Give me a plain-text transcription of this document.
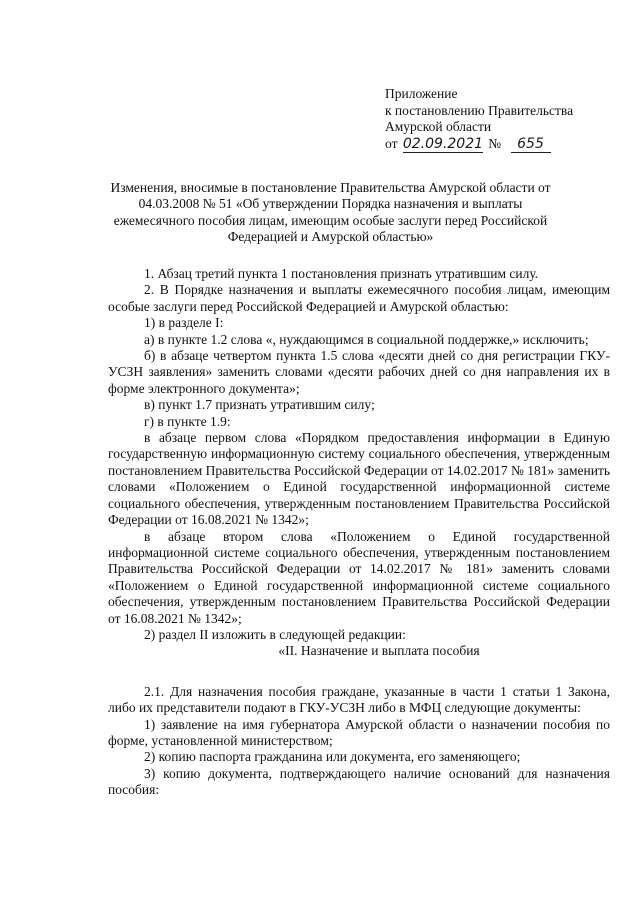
Приложение
к постановлению Правительства
Амурской области
от 02.09.2021 № 655
Изменения, вносимые в постановление Правительства Амурской области от 04.03.2008 № 51 «Об утверждении Порядка назначения и выплаты ежемесячного пособия лицам, имеющим особые заслуги перед Российской Федерацией и Амурской областью»

1. Абзац третий пункта 1 постановления признать утратившим силу.

2. В Порядке назначения и выплаты ежемесячного пособия лицам, имеющим особые заслуги перед Российской Федерацией и Амурской областью:

1) в разделе I:

а) в пункте 1.2 слова «, нуждающимся в социальной поддержке,» исключить;

б) в абзаце четвертом пункта 1.5 слова «десяти дней со дня регистрации ГКУ-УСЗН заявления» заменить словами «десяти рабочих дней со дня направления их в форме электронного документа»;

в) пункт 1.7 признать утратившим силу;

г) в пункте 1.9:

в абзаце первом слова «Порядком предоставления информации в Единую государственную информационную систему социального обеспечения, утвержденным постановлением Правительства Российской Федерации от 14.02.2017 № 181» заменить словами «Положением о Единой государственной информационной системе социального обеспечения, утвержденным постановлением Правительства Российской Федерации от 16.08.2021 № 1342»;

в абзаце втором слова «Положением о Единой государственной информационной системе социального обеспечения, утвержденным постановлением Правительства Российской Федерации от 14.02.2017 № 181» заменить словами «Положением о Единой государственной информационной системе социального обеспечения, утвержденным постановлением Правительства Российской Федерации от 16.08.2021 № 1342»;

2) раздел II изложить в следующей редакции:

«II. Назначение и выплата пособия

2.1. Для назначения пособия граждане, указанные в части 1 статьи 1 Закона, либо их представители подают в ГКУ-УСЗН либо в МФЦ следующие документы:

1) заявление на имя губернатора Амурской области о назначении пособия по форме, установленной министерством;

2) копию паспорта гражданина или документа, его заменяющего;

3) копию документа, подтверждающего наличие оснований для назначения пособия:
